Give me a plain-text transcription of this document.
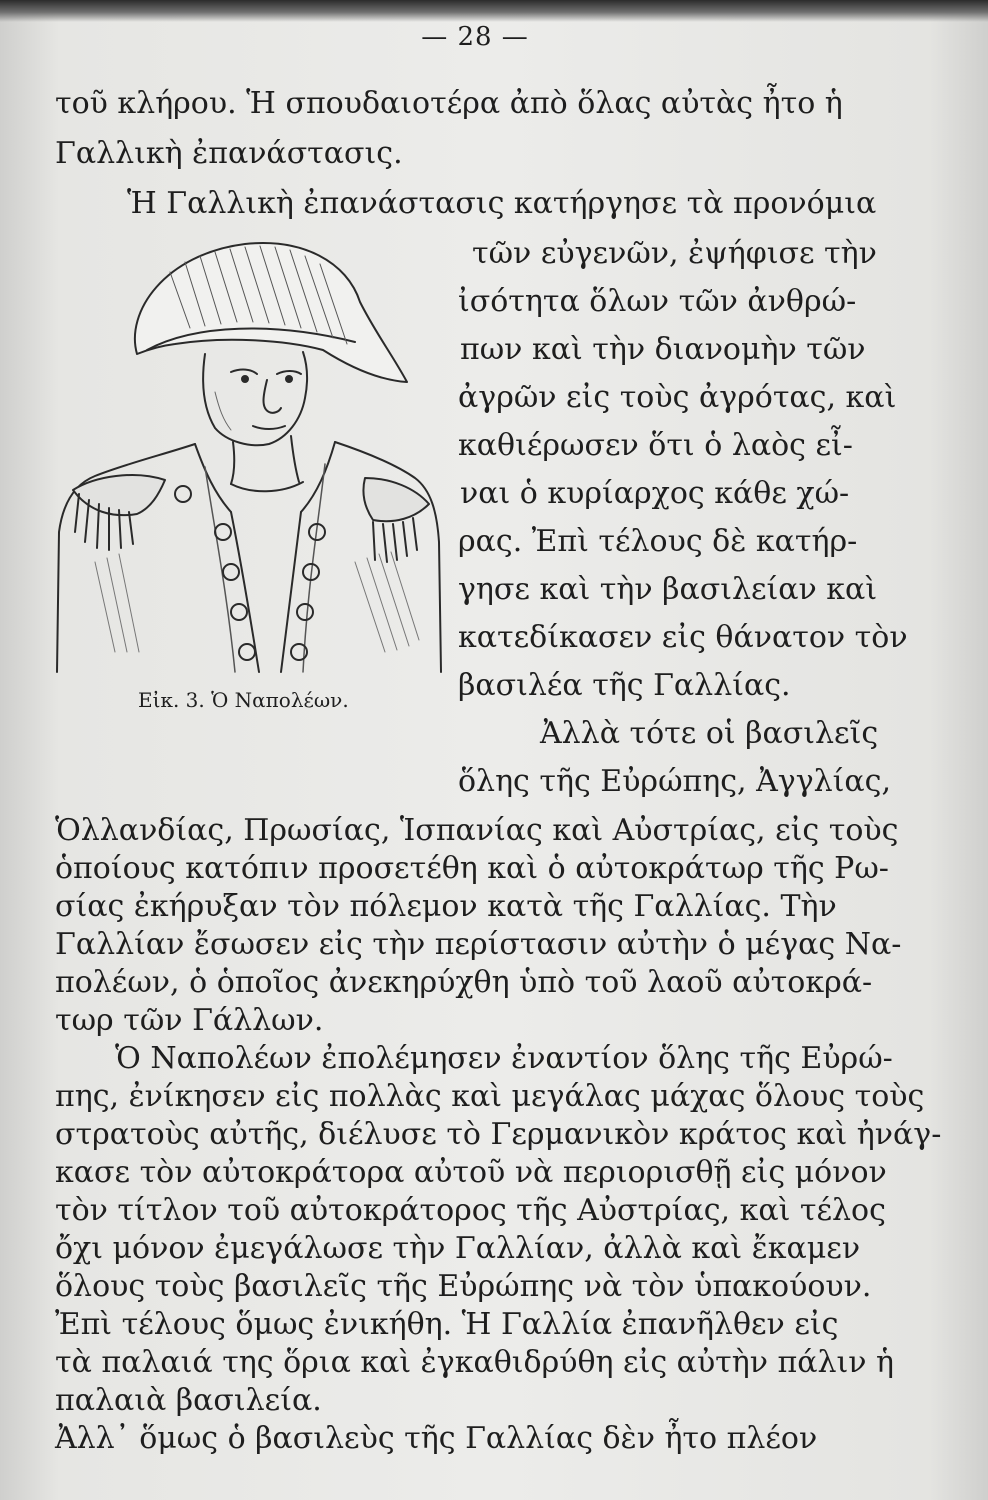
— 28 —
τοῦ κλήρου. Ἡ σπουδαιοτέρα ἀπὸ ὅλας αὐτὰς ἦτο ἡ
Γαλλικὴ ἐπανάστασις.
Ἡ Γαλλικὴ ἐπανάστασις κατήργησε τὰ προνόμια
Εἰκ. 3. Ὁ Ναπολέων.
τῶν εὐγενῶν, ἐψήφισε τὴν
ἰσότητα ὅλων τῶν ἀνθρώ-
πων καὶ τὴν διανομὴν τῶν
ἀγρῶν εἰς τοὺς ἀγρότας, καὶ
καθιέρωσεν ὅτι ὁ λαὸς εἶ-
ναι ὁ κυρίαρχος κάθε χώ-
ρας. Ἐπὶ τέλους δὲ κατήρ-
γησε καὶ τὴν βασιλείαν καὶ
κατεδίκασεν εἰς θάνατον τὸν
βασιλέα τῆς Γαλλίας.
Ἀλλὰ τότε οἱ βασιλεῖς
ὅλης τῆς Εὐρώπης, Ἀγγλίας,
Ὁλλανδίας, Πρωσίας, Ἱσπανίας καὶ Αὐστρίας, εἰς τοὺς
ὁποίους κατόπιν προσετέθη καὶ ὁ αὐτοκράτωρ τῆς Ρω-
σίας ἐκήρυξαν τὸν πόλεμον κατὰ τῆς Γαλλίας. Τὴν
Γαλλίαν ἔσωσεν εἰς τὴν περίστασιν αὐτὴν ὁ μέγας Να-
πολέων, ὁ ὁποῖος ἀνεκηρύχθη ὑπὸ τοῦ λαοῦ αὐτοκρά-
τωρ τῶν Γάλλων.
Ὁ Ναπολέων ἐπολέμησεν ἐναντίον ὅλης τῆς Εὐρώ-
πης, ἐνίκησεν εἰς πολλὰς καὶ μεγάλας μάχας ὅλους τοὺς
στρατοὺς αὐτῆς, διέλυσε τὸ Γερμανικὸν κράτος καὶ ἠνάγ-
κασε τὸν αὐτοκράτορα αὐτοῦ νὰ περιορισθῇ εἰς μόνον
τὸν τίτλον τοῦ αὐτοκράτορος τῆς Αὐστρίας, καὶ τέλος
ὄχι μόνον ἐμεγάλωσε τὴν Γαλλίαν, ἀλλὰ καὶ ἔκαμεν
ὅλους τοὺς βασιλεῖς τῆς Εὐρώπης νὰ τὸν ὑπακούουν.
Ἐπὶ τέλους ὅμως ἐνικήθη. Ἡ Γαλλία ἐπανῆλθεν εἰς
τὰ παλαιά της ὅρια καὶ ἐγκαθιδρύθη εἰς αὐτὴν πάλιν ἡ
παλαιὰ βασιλεία.
Ἀλλ᾽ ὅμως ὁ βασιλεὺς τῆς Γαλλίας δὲν ἦτο πλέον
